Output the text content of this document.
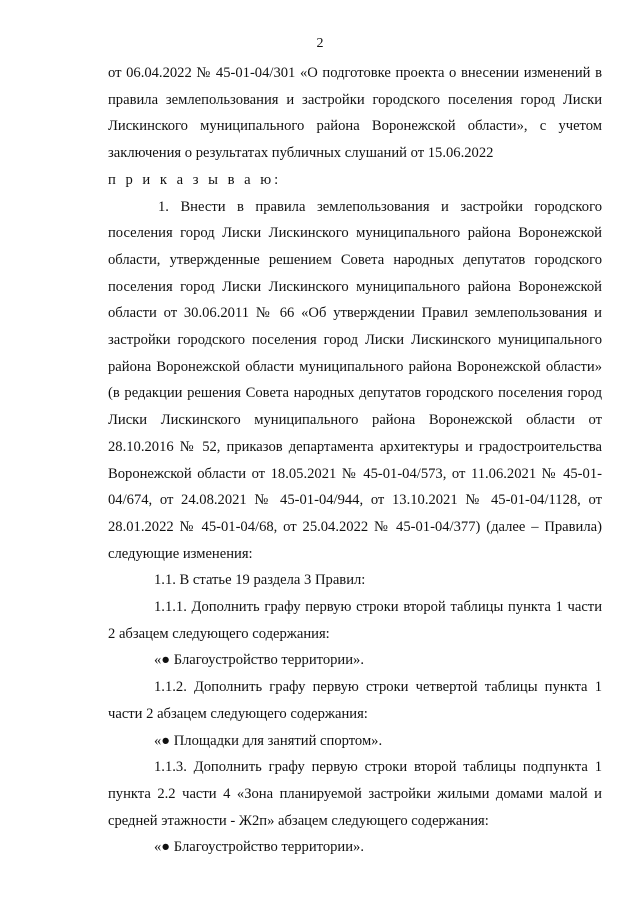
2

от 06.04.2022 № 45-01-04/301 «О подготовке проекта о внесении изменений в правила землепользования и застройки городского поселения город Лиски Лискинского муниципального района Воронежской области», с учетом заключения о результатах публичных слушаний от 15.06.2022

п р и к а з ы в а ю:

1. Внести в правила землепользования и застройки городского поселения город Лиски Лискинского муниципального района Воронежской области, утвержденные решением Совета народных депутатов городского поселения город Лиски Лискинского муниципального района Воронежской области от 30.06.2011 № 66 «Об утверждении Правил землепользования и застройки городского поселения город Лиски Лискинского муниципального района Воронежской области муниципального района Воронежской области» (в редакции решения Совета народных депутатов городского поселения город Лиски Лискинского муниципального района Воронежской области от 28.10.2016 № 52, приказов департамента архитектуры и градостроительства Воронежской области от 18.05.2021 № 45-01-04/573, от 11.06.2021 № 45-01-04/674, от 24.08.2021 № 45-01-04/944, от 13.10.2021 № 45-01-04/1128, от 28.01.2022 № 45-01-04/68, от 25.04.2022 № 45-01-04/377) (далее – Правила) следующие изменения:

1.1. В статье 19 раздела 3 Правил:

1.1.1. Дополнить графу первую строки второй таблицы пункта 1 части 2 абзацем следующего содержания:

«● Благоустройство территории».

1.1.2. Дополнить графу первую строки четвертой таблицы пункта 1 части 2 абзацем следующего содержания:

«● Площадки для занятий спортом».

1.1.3. Дополнить графу первую строки второй таблицы подпункта 1 пункта 2.2 части 4 «Зона планируемой застройки жилыми домами малой и средней этажности - Ж2п» абзацем следующего содержания:

«● Благоустройство территории».
